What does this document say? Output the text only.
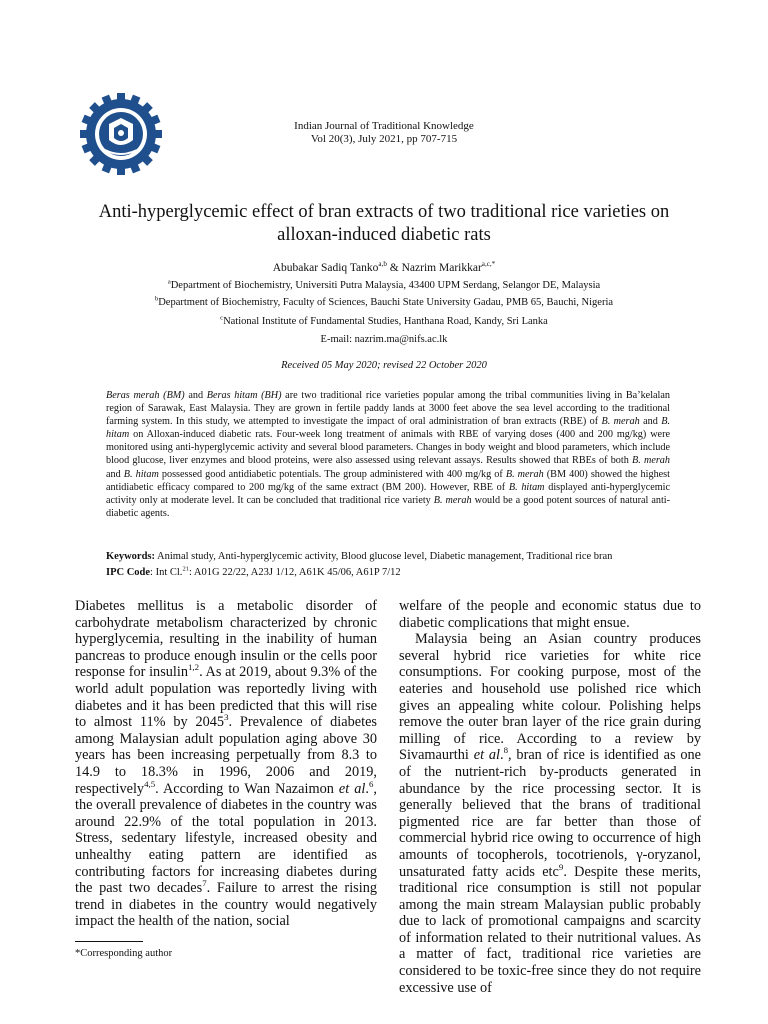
Indian Journal of Traditional Knowledge
Vol 20(3), July 2021, pp 707-715
Anti-hyperglycemic effect of bran extracts of two traditional rice varieties on
alloxan-induced diabetic rats
Abubakar Sadiq Tanko$^{a,b}$ & Nazrim Marikkar$^{a,c,*}$
$^a$Department of Biochemistry, Universiti Putra Malaysia, 43400 UPM Serdang, Selangor DE, Malaysia
$^b$Department of Biochemistry, Faculty of Sciences, Bauchi State University Gadau, PMB 65, Bauchi, Nigeria
$^c$National Institute of Fundamental Studies, Hanthana Road, Kandy, Sri Lanka
E-mail: nazrim.ma@nifs.ac.lk
Received 05 May 2020; revised 22 October 2020
Beras merah (BM) and Beras hitam (BH) are two traditional rice varieties popular among the tribal communities living in Ba’kelalan region of Sarawak, East Malaysia. They are grown in fertile paddy lands at 3000 feet above the sea level according to the traditional farming system. In this study, we attempted to investigate the impact of oral administration of bran extracts (RBE) of B. merah and B. hitam on Alloxan-induced diabetic rats. Four-week long treatment of animals with RBE of varying doses (400 and 200 mg/kg) were monitored using anti-hyperglycemic activity and several blood parameters. Changes in body weight and blood parameters, which include blood glucose, liver enzymes and blood proteins, were also assessed using relevant assays. Results showed that RBEs of both B. merah and B. hitam possessed good antidiabetic potentials. The group administered with 400 mg/kg of B. merah (BM 400) showed the highest antidiabetic efficacy compared to 200 mg/kg of the same extract (BM 200). However, RBE of B. hitam displayed anti-hyperglycemic activity only at moderate level. It can be concluded that traditional rice variety B. merah would be a good potent sources of natural anti-diabetic agents.
Keywords: Animal study, Anti-hyperglycemic activity, Blood glucose level, Diabetic management, Traditional rice bran
IPC Code: Int Cl.$^{21}$: A01G 22/22, A23J 1/12, A61K 45/06, A61P 7/12

Diabetes mellitus is a metabolic disorder of carbohydrate metabolism characterized by chronic hyperglycemia, resulting in the inability of human pancreas to produce enough insulin or the cells poor response for insulin$^{1,2}$. As at 2019, about 9.3% of the world adult population was reportedly living with diabetes and it has been predicted that this will rise to almost 11% by 2045$^3$. Prevalence of diabetes among Malaysian adult population aging above 30 years has been increasing perpetually from 8.3 to 14.9 to 18.3% in 1996, 2006 and 2019, respectively$^{4,5}$. According to Wan Nazaimon et al.$^6$, the overall prevalence of diabetes in the country was around 22.9% of the total population in 2013. Stress, sedentary lifestyle, increased obesity and unhealthy eating pattern are identified as contributing factors for increasing diabetes during the past two decades$^7$. Failure to arrest the rising trend in diabetes in the country would negatively impact the health of the nation, social

welfare of the people and economic status due to diabetic complications that might ensue.

Malaysia being an Asian country produces several hybrid rice varieties for white rice consumptions. For cooking purpose, most of the eateries and household use polished rice which gives an appealing white colour. Polishing helps remove the outer bran layer of the rice grain during milling of rice. According to a review by Sivamaurthi et al.$^8$, bran of rice is identified as one of the nutrient-rich by-products generated in abundance by the rice processing sector. It is generally believed that the brans of traditional pigmented rice are far better than those of commercial hybrid rice owing to occurrence of high amounts of tocopherols, tocotrienols, γ-oryzanol, unsaturated fatty acids etc$^9$. Despite these merits, traditional rice consumption is still not popular among the main stream Malaysian public probably due to lack of promotional campaigns and scarcity of information related to their nutritional values. As a matter of fact, traditional rice varieties are considered to be toxic-free since they do not require excessive use of

*Corresponding author
